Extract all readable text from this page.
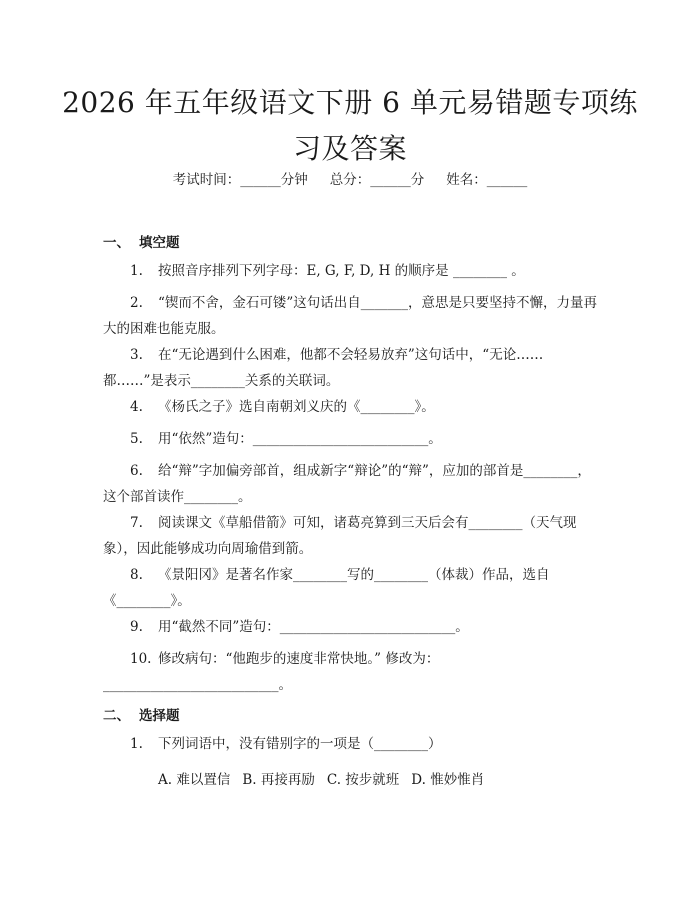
2026 年五年级语文下册 6 单元易错题专项练习及答案
考试时间：______分钟 总分：______分 姓名：______
一、 填空题
1. 按照音序排列下列字母：E, G, F, D, H 的顺序是 ________ 。
2. “锲而不舍，金石可镂”这句话出自_______，意思是只要坚持不懈，力量再大的困难也能克服。
3. 在“无论遇到什么困难，他都不会轻易放弃”这句话中，“无论……都……”是表示________关系的关联词。
4. 《杨氏之子》选自南朝刘义庆的《________》。
5. 用“依然”造句：__________________________。
6. 给“辩”字加偏旁部首，组成新字“辩论”的“辩”，应加的部首是________，这个部首读作________。
7. 阅读课文《草船借箭》可知，诸葛亮算到三天后会有________（天气现象），因此能够成功向周瑜借到箭。
8. 《景阳冈》是著名作家________写的________（体裁）作品，选自《________》。
9. 用“截然不同”造句：__________________________。
10. 修改病句：“他跑步的速度非常快地。” 修改为：__________________________。
二、 选择题
1. 下列词语中，没有错别字的一项是（________）
A. 难以置信 B. 再接再励 C. 按步就班 D. 惟妙惟肖
